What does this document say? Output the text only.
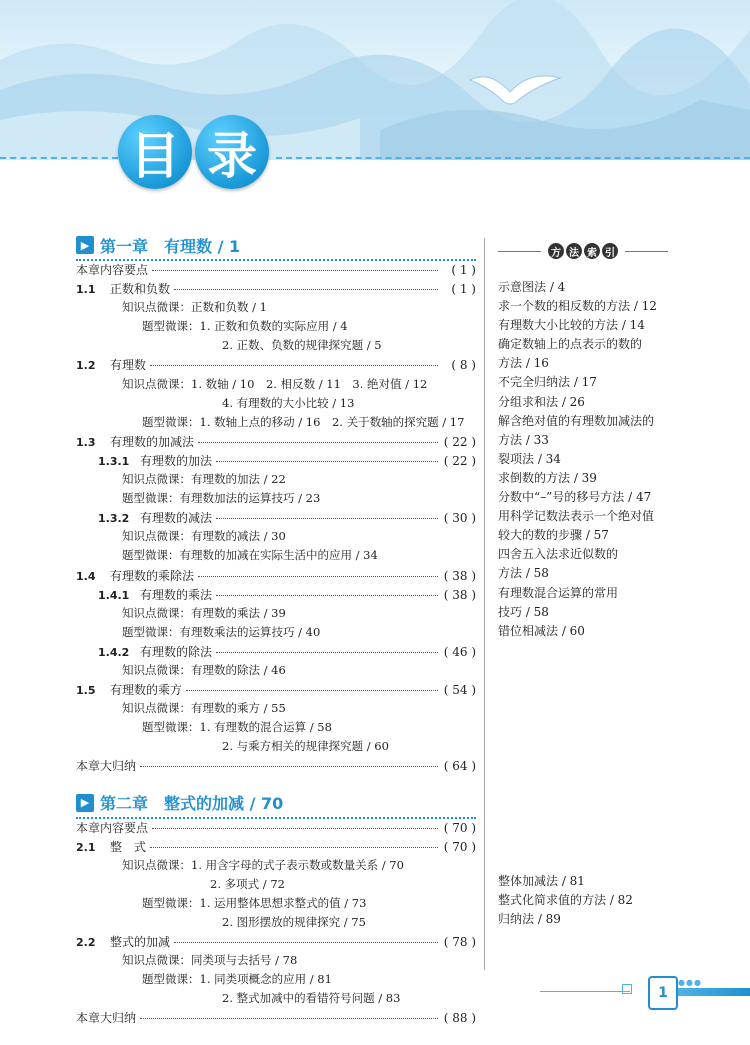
目 录
▶ 第一章　有理数 / 1
本章内容要点	( 1 )
1.1	正数和负数	( 1 )
知识点微课：正数和负数 / 1
题型微课：1. 正数和负数的实际应用 / 4
2. 正数、负数的规律探究题 / 5
1.2	有理数	( 8 )
知识点微课：1. 数轴 / 10　2. 相反数 / 11　3. 绝对值 / 12
4. 有理数的大小比较 / 13
题型微课：1. 数轴上点的移动 / 16　2. 关于数轴的探究题 / 17
1.3	有理数的加减法	( 22 )
1.3.1 有理数的加法	( 22 )
知识点微课：有理数的加法 / 22
题型微课：有理数加法的运算技巧 / 23
1.3.2 有理数的减法	( 30 )
知识点微课：有理数的减法 / 30
题型微课：有理数的加减在实际生活中的应用 / 34
1.4	有理数的乘除法	( 38 )
1.4.1 有理数的乘法	( 38 )
知识点微课：有理数的乘法 / 39
题型微课：有理数乘法的运算技巧 / 40
1.4.2 有理数的除法	( 46 )
知识点微课：有理数的除法 / 46
1.5	有理数的乘方	( 54 )
知识点微课：有理数的乘方 / 55
题型微课：1. 有理数的混合运算 / 58
2. 与乘方相关的规律探究题 / 60
本章大归纳	( 64 )
▶ 第二章　整式的加减 / 70
本章内容要点	( 70 )
2.1	整　式	( 70 )
知识点微课：1. 用含字母的式子表示数或数量关系 / 70
2. 多项式 / 72
题型微课：1. 运用整体思想求整式的值 / 73
2. 图形摆放的规律探究 / 75
2.2	整式的加减	( 78 )
知识点微课：同类项与去括号 / 78
题型微课：1. 同类项概念的应用 / 81
2. 整式加减中的看错符号问题 / 83
本章大归纳	( 88 )
方 法 索 引
示意图法 / 4
求一个数的相反数的方法 / 12
有理数大小比较的方法 / 14
确定数轴上的点表示的数的
方法 / 16
不完全归纳法 / 17
分组求和法 / 26
解含绝对值的有理数加减法的
方法 / 33
裂项法 / 34
求倒数的方法 / 39
分数中“–”号的移号方法 / 47
用科学记数法表示一个绝对值
较大的数的步骤 / 57
四舍五入法求近似数的
方法 / 58
有理数混合运算的常用
技巧 / 58
错位相减法 / 60
整体加减法 / 81
整式化简求值的方法 / 82
归纳法 / 89
1
●●●
